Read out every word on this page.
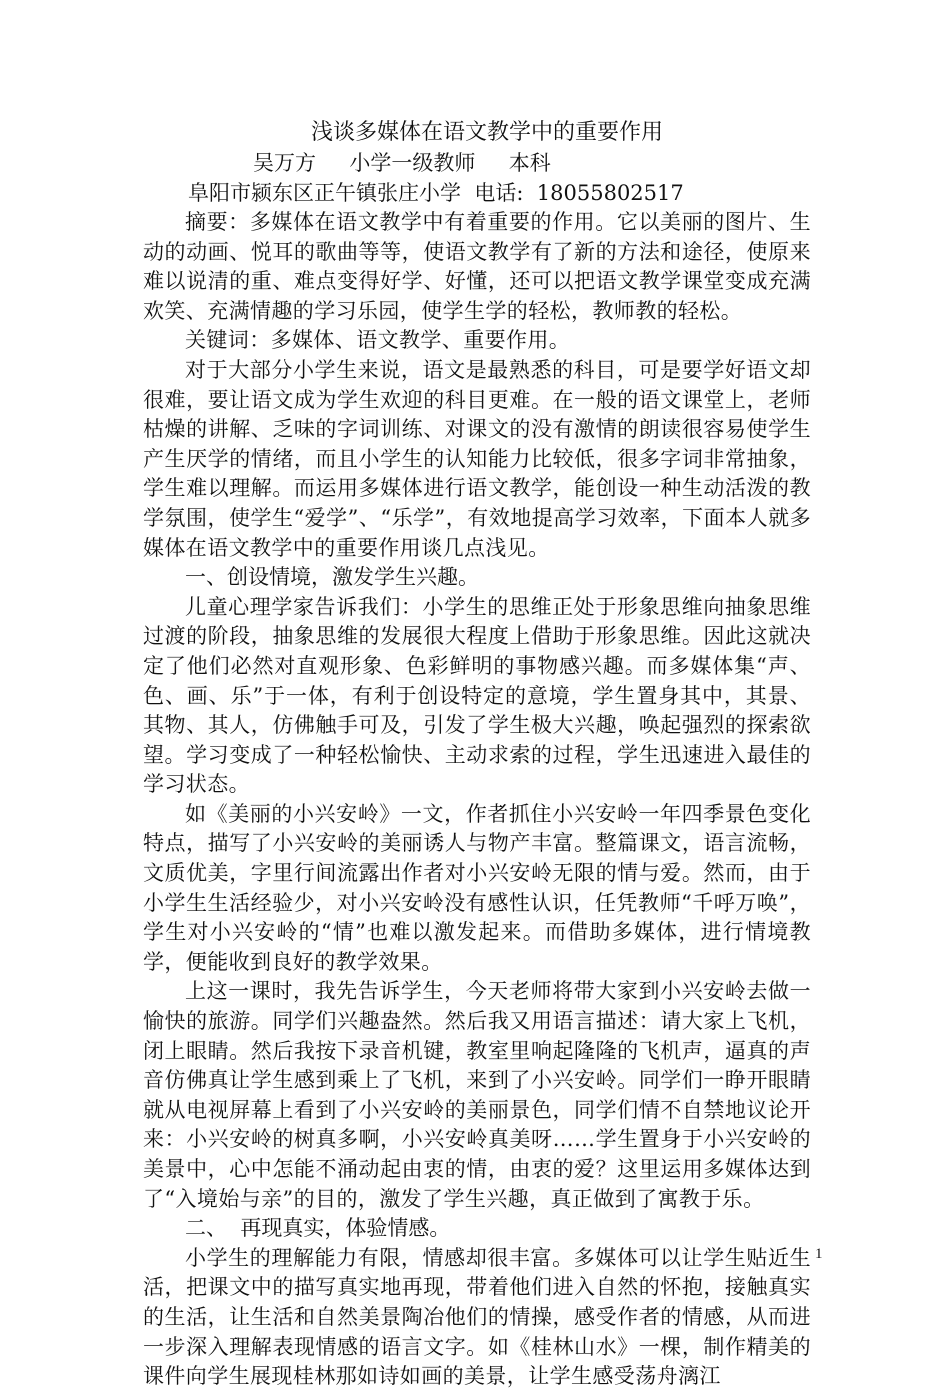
浅谈多媒体在语文教学中的重要作用

吴万方     小学一级教师     本科

阜阳市颍东区正午镇张庄小学  电话:  18055802517

摘要：多媒体在语文教学中有着重要的作用。它以美丽的图片、生动的动画、悦耳的歌曲等等，使语文教学有了新的方法和途径，使原来难以说清的重、难点变得好学、好懂，还可以把语文教学课堂变成充满欢笑、充满情趣的学习乐园，使学生学的轻松，教师教的轻松。

关键词：多媒体、语文教学、重要作用。

对于大部分小学生来说，语文是最熟悉的科目，可是要学好语文却很难，要让语文成为学生欢迎的科目更难。在一般的语文课堂上，老师枯燥的讲解、乏味的字词训练、对课文的没有激情的朗读很容易使学生产生厌学的情绪，而且小学生的认知能力比较低，很多字词非常抽象，学生难以理解。而运用多媒体进行语文教学，能创设一种生动活泼的教学氛围，使学生“爱学”、“乐学”，有效地提高学习效率，下面本人就多媒体在语文教学中的重要作用谈几点浅见。

一、创设情境，激发学生兴趣。

儿童心理学家告诉我们：小学生的思维正处于形象思维向抽象思维过渡的阶段，抽象思维的发展很大程度上借助于形象思维。因此这就决定了他们必然对直观形象、色彩鲜明的事物感兴趣。而多媒体集“声、色、画、乐”于一体，有利于创设特定的意境，学生置身其中，其景、其物、其人，仿佛触手可及，引发了学生极大兴趣，唤起强烈的探索欲望。学习变成了一种轻松愉快、主动求索的过程，学生迅速进入最佳的学习状态。

如《美丽的小兴安岭》一文，作者抓住小兴安岭一年四季景色变化特点，描写了小兴安岭的美丽诱人与物产丰富。整篇课文，语言流畅，文质优美，字里行间流露出作者对小兴安岭无限的情与爱。然而，由于小学生生活经验少，对小兴安岭没有感性认识，任凭教师“千呼万唤”，学生对小兴安岭的“情”也难以激发起来。而借助多媒体，进行情境教学，便能收到良好的教学效果。

上这一课时，我先告诉学生，今天老师将带大家到小兴安岭去做一愉快的旅游。同学们兴趣盎然。然后我又用语言描述：请大家上飞机，闭上眼睛。然后我按下录音机键，教室里响起隆隆的飞机声，逼真的声音仿佛真让学生感到乘上了飞机，来到了小兴安岭。同学们一睁开眼睛就从电视屏幕上看到了小兴安岭的美丽景色，同学们情不自禁地议论开来：小兴安岭的树真多啊，小兴安岭真美呀……学生置身于小兴安岭的美景中，心中怎能不涌动起由衷的情，由衷的爱？这里运用多媒体达到了“入境始与亲”的目的，激发了学生兴趣，真正做到了寓教于乐。

二、  再现真实，体验情感。

小学生的理解能力有限，情感却很丰富。多媒体可以让学生贴近生活，把课文中的描写真实地再现，带着他们进入自然的怀抱，接触真实的生活，让生活和自然美景陶冶他们的情操，感受作者的情感，从而进一步深入理解表现情感的语言文字。如《桂林山水》一棵，制作精美的课件向学生展现桂林那如诗如画的美景，让学生感受荡舟漓江

1
